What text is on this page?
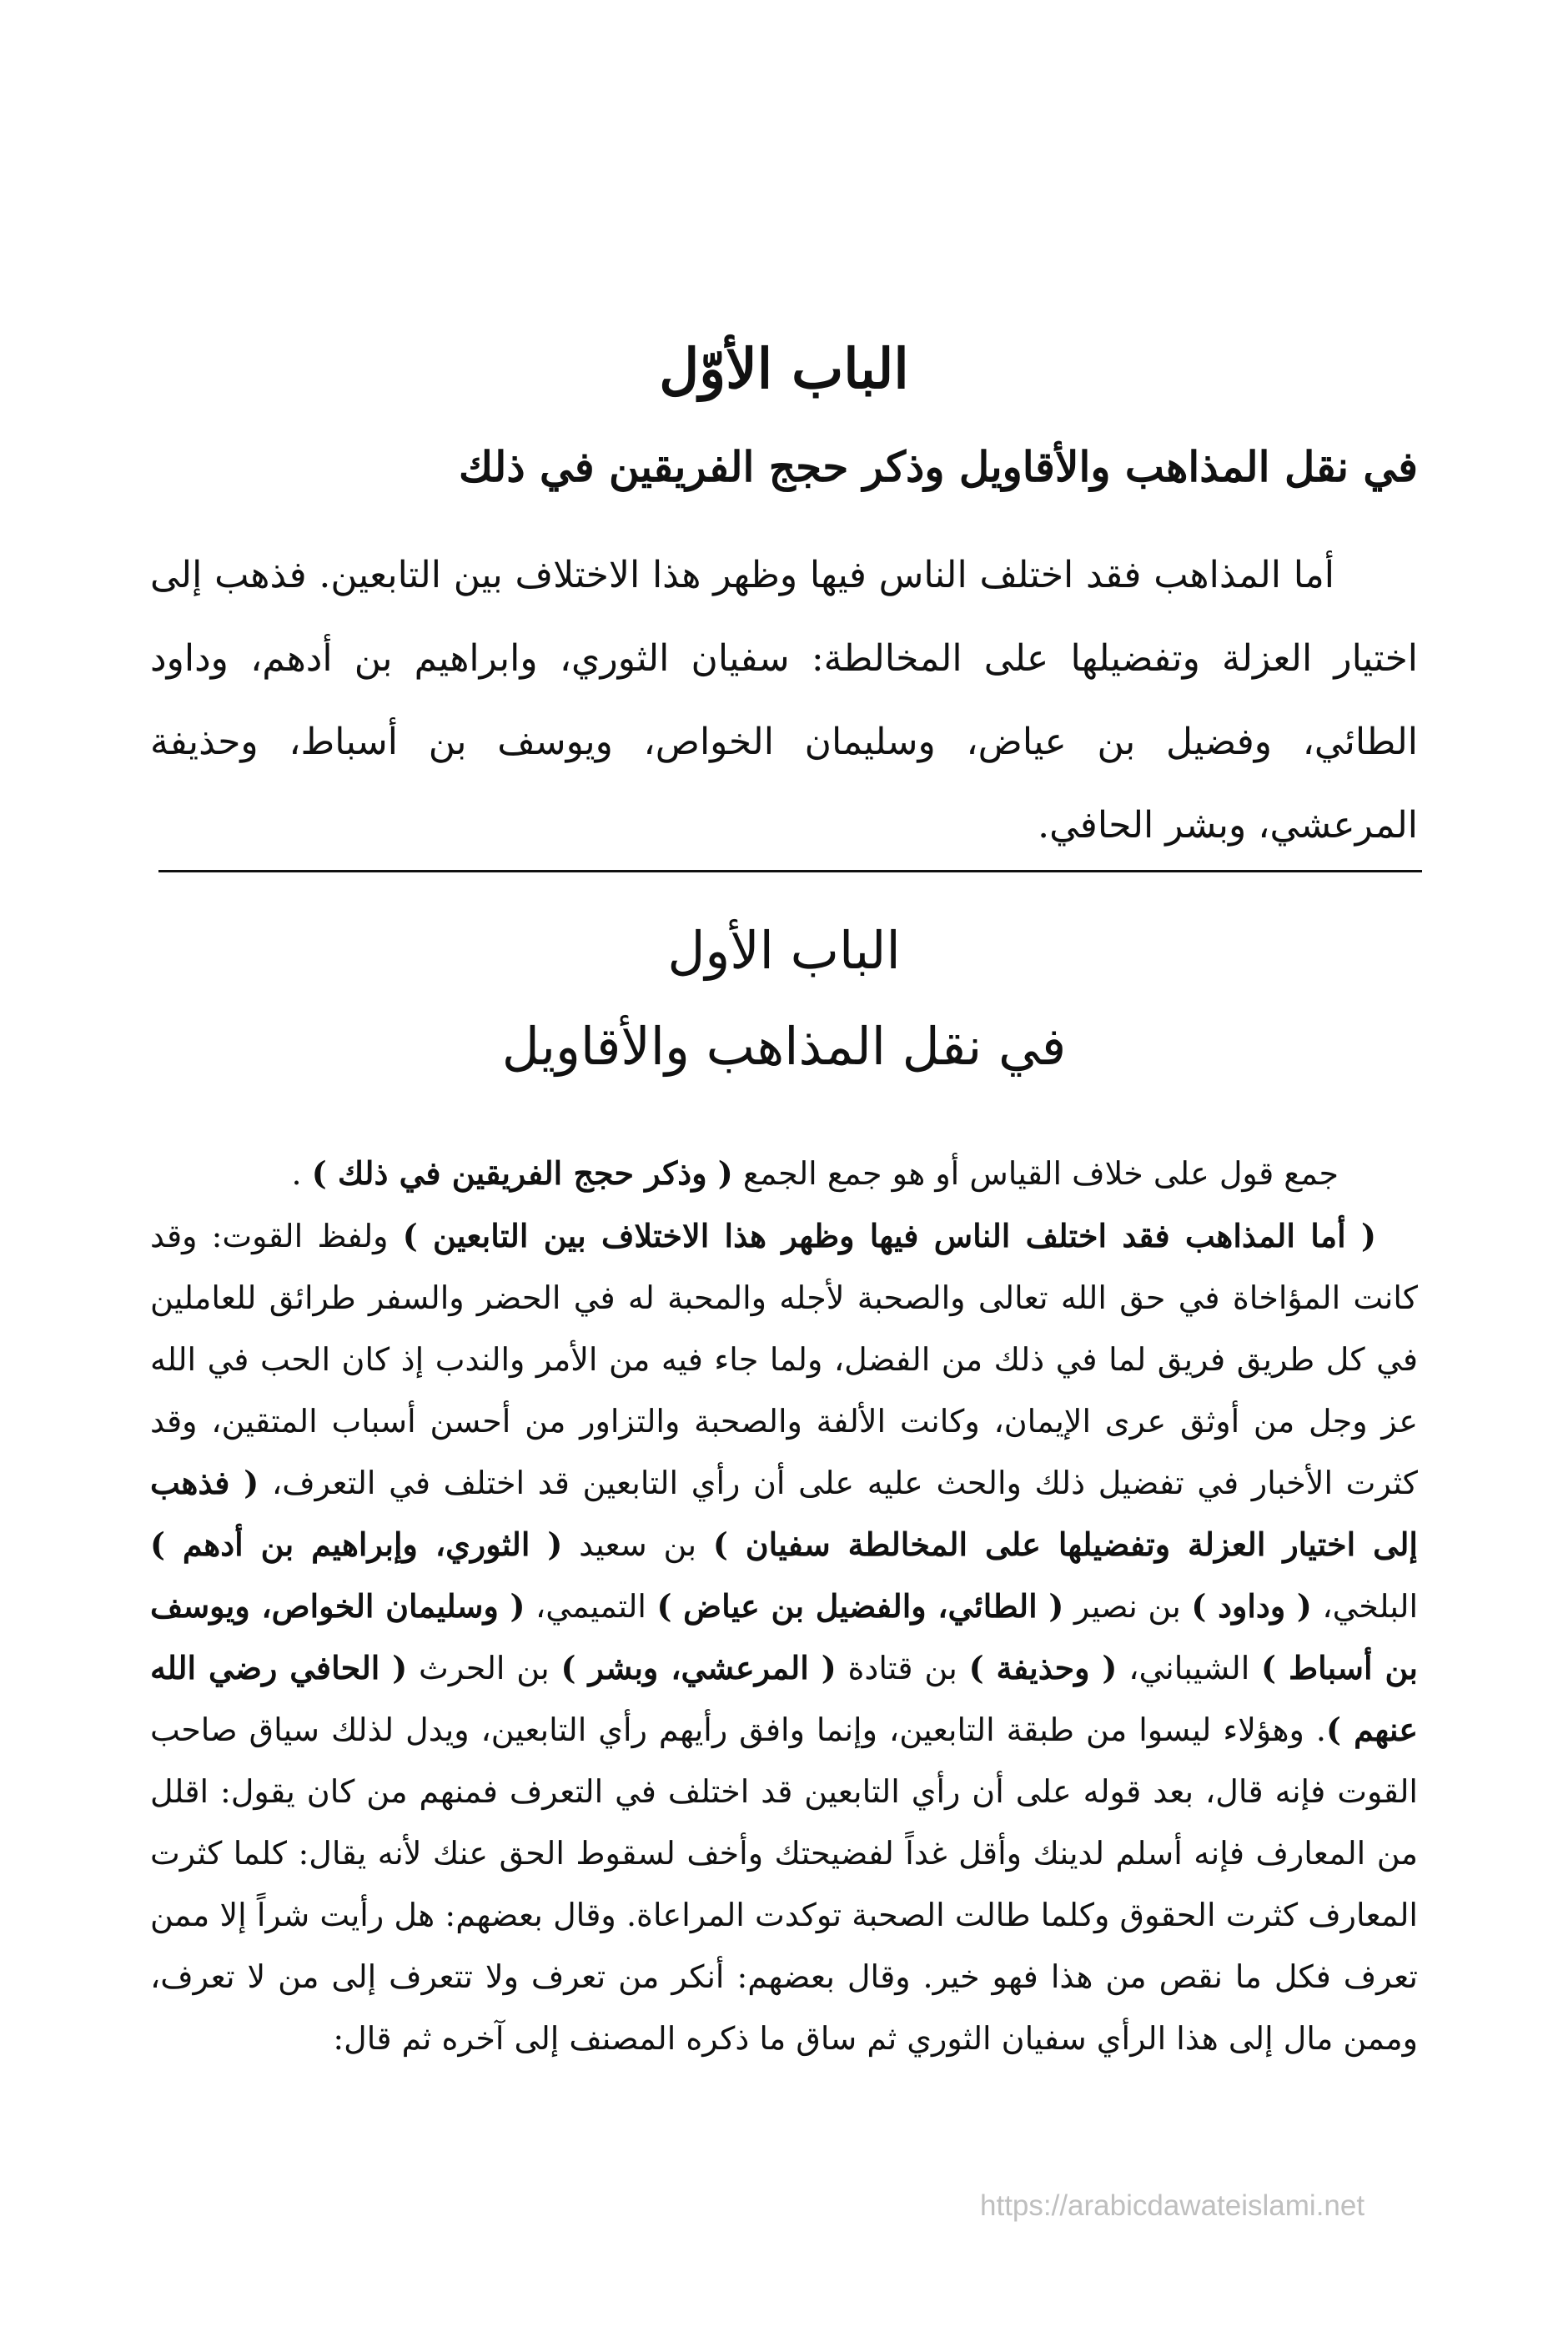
الباب الأوّل
في نقل المذاهب والأقاويل وذكر حجج الفريقين في ذلك
أما المذاهب فقد اختلف الناس فيها وظهر هذا الاختلاف بين التابعين. فذهب إلى اختيار العزلة وتفضيلها على المخالطة: سفيان الثوري، وابراهيم بن أدهم، وداود الطائي، وفضيل بن عياض، وسليمان الخواص، ويوسف بن أسباط، وحذيفة المرعشي، وبشر الحافي.
الباب الأول
في نقل المذاهب والأقاويل
جمع قول على خلاف القياس أو هو جمع الجمع ( وذكر حجج الفريقين في ذلك ) .
( أما المذاهب فقد اختلف الناس فيها وظهر هذا الاختلاف بين التابعين ) ولفظ القوت: وقد كانت المؤاخاة في حق الله تعالى والصحبة لأجله والمحبة له في الحضر والسفر طرائق للعاملين في كل طريق فريق لما في ذلك من الفضل، ولما جاء فيه من الأمر والندب إذ كان الحب في الله عز وجل من أوثق عرى الإيمان، وكانت الألفة والصحبة والتزاور من أحسن أسباب المتقين، وقد كثرت الأخبار في تفضيل ذلك والحث عليه على أن رأي التابعين قد اختلف في التعرف، ( فذهب إلى اختيار العزلة وتفضيلها على المخالطة سفيان ) بن سعيد ( الثوري، وإبراهيم بن أدهم ) البلخي، ( وداود ) بن نصير ( الطائي، والفضيل بن عياض ) التميمي، ( وسليمان الخواص، ويوسف بن أسباط ) الشيباني، ( وحذيفة ) بن قتادة ( المرعشي، وبشر ) بن الحرث ( الحافي رضي الله عنهم ). وهؤلاء ليسوا من طبقة التابعين، وإنما وافق رأيهم رأي التابعين، ويدل لذلك سياق صاحب القوت فإنه قال، بعد قوله على أن رأي التابعين قد اختلف في التعرف فمنهم من كان يقول: اقلل من المعارف فإنه أسلم لدينك وأقل غداً لفضيحتك وأخف لسقوط الحق عنك لأنه يقال: كلما كثرت المعارف كثرت الحقوق وكلما طالت الصحبة توكدت المراعاة. وقال بعضهم: هل رأيت شراً إلا ممن تعرف فكل ما نقص من هذا فهو خير. وقال بعضهم: أنكر من تعرف ولا تتعرف إلى من لا تعرف، وممن مال إلى هذا الرأي سفيان الثوري ثم ساق ما ذكره المصنف إلى آخره ثم قال:
https://arabicdawateislami.net
